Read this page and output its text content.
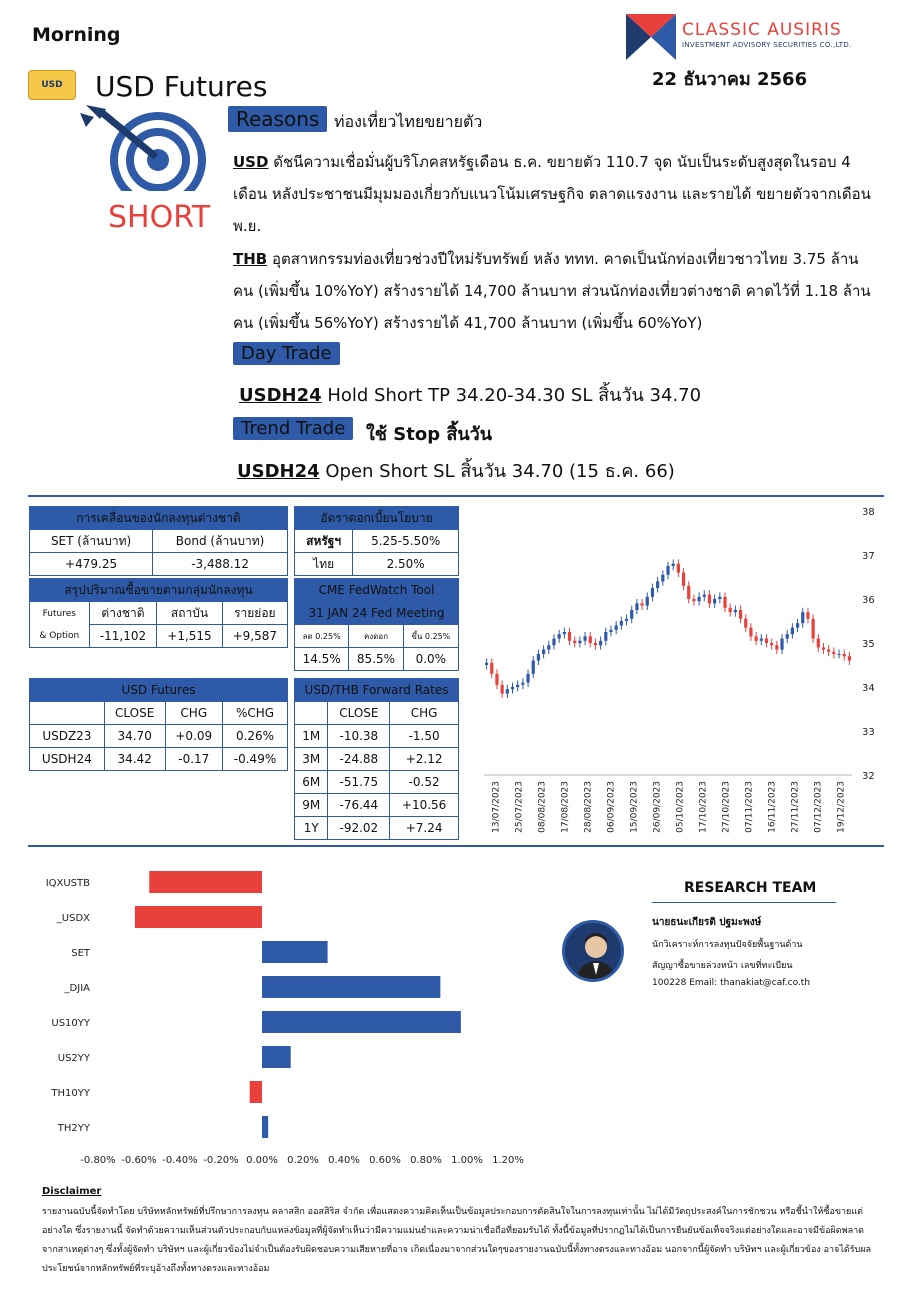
Morning	CLASSIC AUSIRIS
INVESTMENT ADVISORY SECURITIES CO.,LTD.
22 ธันวาคม 2566
USD	USD Futures
SHORT
Reasons ท่องเที่ยวไทยขยายตัว
USD ดัชนีความเชื่อมั่นผู้บริโภคสหรัฐเดือน ธ.ค. ขยายตัว 110.7 จุด นับเป็นระดับสูงสุดในรอบ 4 เดือน หลังประชาชนมีมุมมองเกี่ยวกับแนวโน้มเศรษฐกิจ ตลาดแรงงาน และรายได้ ขยายตัวจากเดือน พ.ย.
THB อุตสาหกรรมท่องเที่ยวช่วงปีใหม่รับทรัพย์ หลัง ททท. คาดเป็นนักท่องเที่ยวชาวไทย 3.75 ล้านคน (เพิ่มขึ้น 10%YoY) สร้างรายได้ 14,700 ล้านบาท ส่วนนักท่องเที่ยวต่างชาติ คาดไว้ที่ 1.18 ล้านคน (เพิ่มขึ้น 56%YoY) สร้างรายได้ 41,700 ล้านบาท (เพิ่มขึ้น 60%YoY)
Day Trade
USDH24 Hold Short TP 34.20-34.30 SL สิ้นวัน 34.70
Trend Trade	ใช้ Stop สิ้นวัน
USDH24 Open Short SL สิ้นวัน 34.70 (15 ธ.ค. 66)
การเคลื่อนของนักลงทุนต่างชาติ	
SET (ล้านบาท)	Bond (ล้านบาท)
+479.25	-3,488.12
อัตราดอกเบี้ยนโยบาย	
สหรัฐฯ	5.25-5.50%
ไทย	2.50%
สรุปปริมาณซื้อขายตามกลุ่มนักลงทุน			
Futures
& Option	ต่างชาติ	สถาบัน	รายย่อย
	-11,102	+1,515	+9,587
CME FedWatch Tool		
31 JAN 24 Fed Meeting		
ลด 0.25%	คงดอก	ขึ้น 0.25%
14.5%	85.5%	0.0%
USD Futures			
	CLOSE	CHG	%CHG
USDZ23	34.70	+0.09	0.26%
USDH24	34.42	-0.17	-0.49%
USD/THB Forward Rates		
	CLOSE	CHG
1M	-10.38	-1.50
3M	-24.88	+2.12
6M	-51.75	-0.52
9M	-76.44	+10.56
1Y	-92.02	+7.24
38
37
36
35
34
33
32
13/07/2023 25/07/2023 08/08/2023 17/08/2023 28/08/2023 06/09/2023 15/09/2023 26/09/2023 05/10/2023 17/10/2023 27/10/2023 07/11/2023 16/11/2023 27/11/2023 07/12/2023 19/12/2023
IQXUSTB
_USDX
SET
_DJIA
US10YY
US2YY
TH10YY
TH2YY
-0.80% -0.60% -0.40% -0.20% 0.00% 0.20% 0.40% 0.60% 0.80% 1.00% 1.20%
RESEARCH TEAM
นายธนะเกียรติ ปฐมะพงษ์
นักวิเคราะห์การลงทุนปัจจัยพื้นฐานด้าน
สัญญาซื้อขายล่วงหน้า เลขที่ทะเบียน
100228 Email: thanakiat@caf.co.th
Disclaimer
รายงานฉบับนี้จัดทำโดย บริษัทหลักทรัพย์ที่ปรึกษาการลงทุน คลาสสิก ออสสิริส จำกัด เพื่อแสดงความคิดเห็นเป็นข้อมูลประกอบการตัดสินใจในการลงทุนเท่านั้น ไม่ได้มีวัตถุประสงค์ในการชักชวน หรือชี้นำให้ซื้อขายแต่อย่างใด ซึ่งรายงานนี้ จัดทำด้วยความเห็นส่วนตัวประกอบกับแหล่งข้อมูลที่ผู้จัดทำเห็นว่ามีความแม่นยำและความน่าเชื่อถือที่ยอมรับได้ ทั้งนี้ข้อมูลที่ปรากฏไม่ได้เป็นการยืนยันข้อเท็จจริงแต่อย่างใดและอาจมีข้อผิดพลาดจากสาเหตุต่างๆ ซึ่งทั้งผู้จัดทำ บริษัทฯ และผู้เกี่ยวข้องไม่จำเป็นต้องรับผิดชอบความเสียหายที่อาจ เกิดเนื่องมาจากส่วนใดๆของรายงานฉบับนี้ทั้งทางตรงและทางอ้อม นอกจากนี้ผู้จัดทำ บริษัทฯ และผู้เกี่ยวข้อง อาจได้รับผลประโยชน์จากหลักทรัพย์ที่ระบุอ้างถึงทั้งทางตรงและทางอ้อม
